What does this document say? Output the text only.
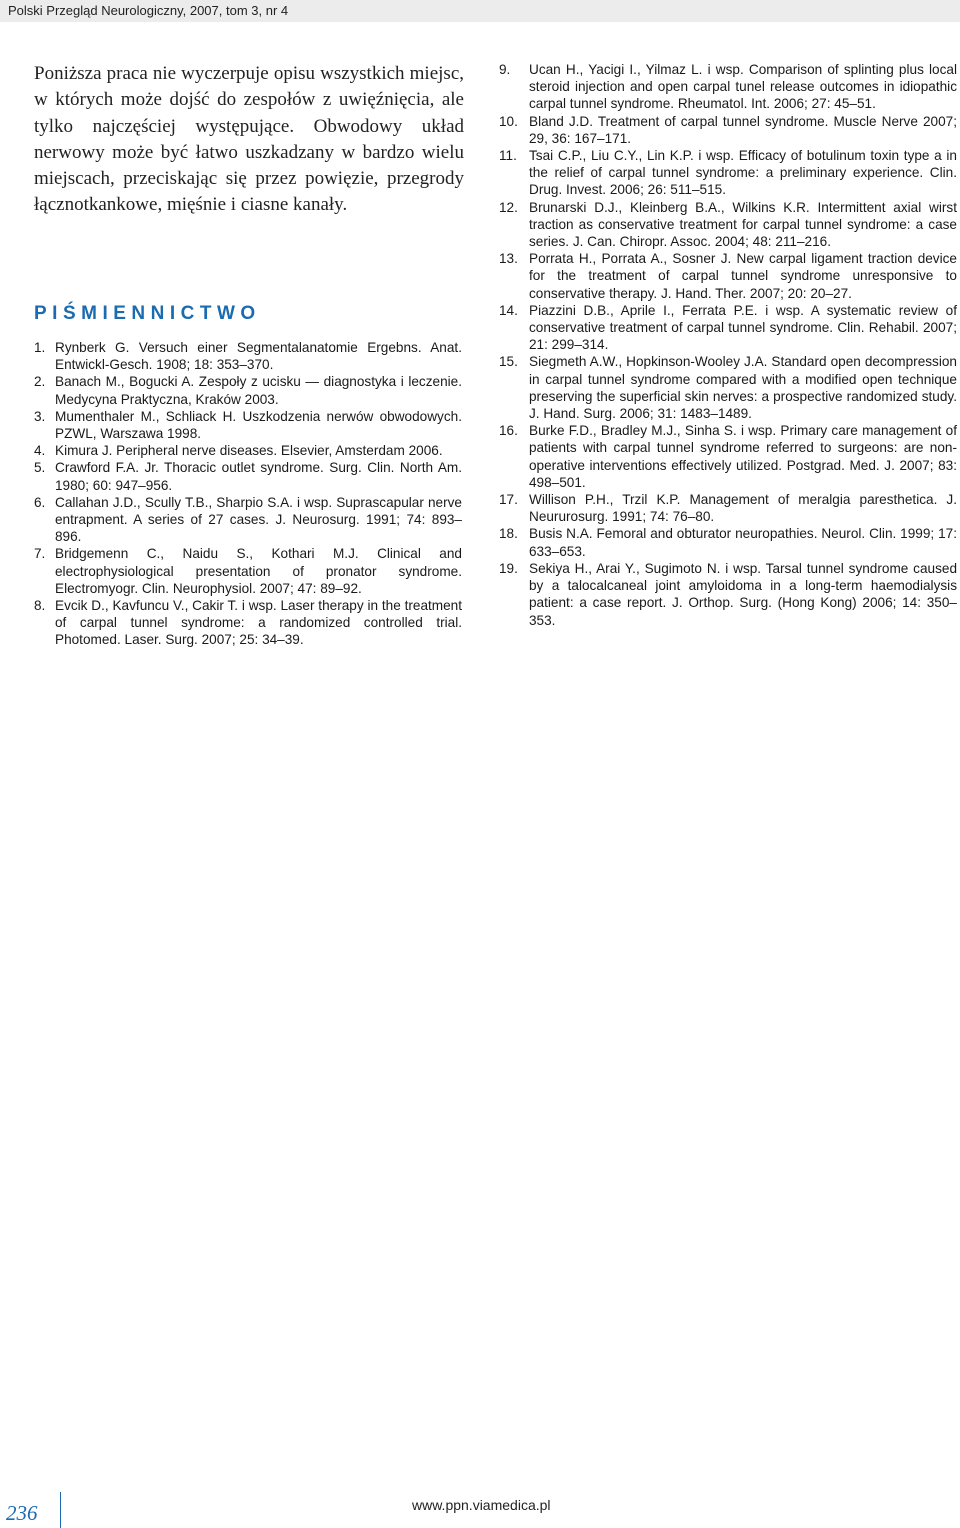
Polski Przegląd Neurologiczny, 2007, tom 3, nr 4

Poniższa praca nie wyczerpuje opisu wszystkich miejsc, w których może dojść do zespołów z uwięźnięcia, ale tylko najczęściej występujące. Obwodowy układ nerwowy może być łatwo uszkadzany w bardzo wielu miejscach, przeciskając się przez powięzie, przegrody łącznotkankowe, mięśnie i ciasne kanały.

PIŚMIENNICTWO
1. Rynberk G. Versuch einer Segmentalanatomie Ergebns. Anat. Entwickl-Gesch. 1908; 18: 353–370.
2. Banach M., Bogucki A. Zespoły z ucisku — diagnostyka i leczenie. Medycyna Praktyczna, Kraków 2003.
3. Mumenthaler M., Schliack H. Uszkodzenia nerwów obwodowych. PZWL, Warszawa 1998.
4. Kimura J. Peripheral nerve diseases. Elsevier, Amsterdam 2006.
5. Crawford F.A. Jr. Thoracic outlet syndrome. Surg. Clin. North Am. 1980; 60: 947–956.
6. Callahan J.D., Scully T.B., Sharpio S.A. i wsp. Suprascapular nerve entrapment. A series of 27 cases. J. Neurosurg. 1991; 74: 893–896.
7. Bridgemenn C., Naidu S., Kothari M.J. Clinical and electrophysiological presentation of pronator syndrome. Electromyogr. Clin. Neurophysiol. 2007; 47: 89–92.
8. Evcik D., Kavfuncu V., Cakir T. i wsp. Laser therapy in the treatment of carpal tunnel syndrome: a randomized controlled trial. Photomed. Laser. Surg. 2007; 25: 34–39.
9.	Ucan H., Yacigi I., Yilmaz L. i wsp. Comparison of splinting plus local steroid injection and open carpal tunel release outcomes in idiopathic carpal tunnel syndrome. Rheumatol. Int. 2006; 27: 45–51.
10. Bland J.D. Treatment of carpal tunnel syndrome. Muscle Nerve 2007; 29, 36: 167–171.
11. Tsai C.P., Liu C.Y., Lin K.P. i wsp. Efficacy of botulinum toxin type a in the relief of carpal tunnel syndrome: a preliminary experience. Clin. Drug. Invest. 2006; 26: 511–515.
12. Brunarski D.J., Kleinberg B.A., Wilkins K.R. Intermittent axial wirst traction as conservative treatment for carpal tunnel syndrome: a case series. J. Can. Chiropr. Assoc. 2004; 48: 211–216.
13. Porrata H., Porrata A., Sosner J. New carpal ligament traction device for the treatment of carpal tunnel syndrome unresponsive to conservative therapy. J. Hand. Ther. 2007; 20: 20–27.
14. Piazzini D.B., Aprile I., Ferrata P.E. i wsp. A systematic review of conservative treatment of carpal tunnel syndrome. Clin. Rehabil. 2007; 21: 299–314.
15. Siegmeth A.W., Hopkinson-Wooley J.A. Standard open decompression in carpal tunnel syndrome compared with a modified open technique preserving the superficial skin nerves: a prospective randomized study. J. Hand. Surg. 2006; 31: 1483–1489.
16. Burke F.D., Bradley M.J., Sinha S. i wsp. Primary care management of patients with carpal tunnel syndrome referred to surgeons: are non-operative interventions effectively utilized. Postgrad. Med. J. 2007; 83: 498–501.
17. Willison P.H., Trzil K.P. Management of meralgia paresthetica. J. Neururosurg. 1991; 74: 76–80.
18. Busis N.A. Femoral and obturator neuropathies. Neurol. Clin. 1999; 17: 633–653.
19. Sekiya H., Arai Y., Sugimoto N. i wsp. Tarsal tunnel syndrome caused by a talocalcaneal joint amyloidoma in a long-term haemodialysis patient: a case report. J. Orthop. Surg. (Hong Kong) 2006; 14: 350–353.
236	www.ppn.viamedica.pl
